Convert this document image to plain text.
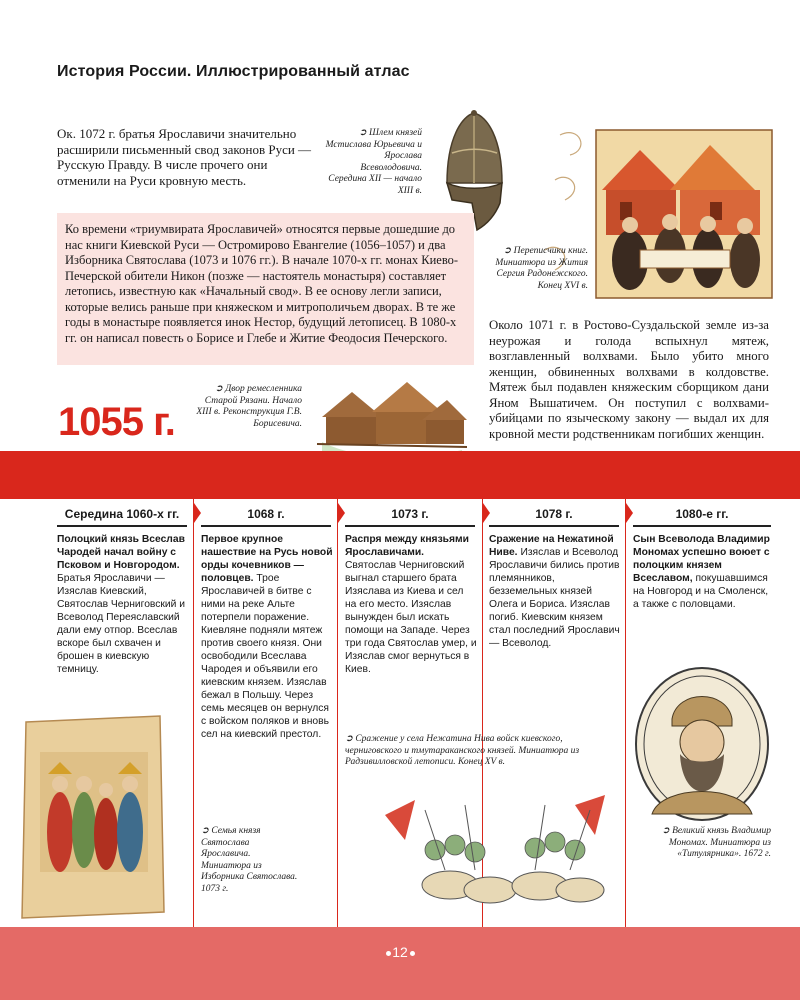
История России. Иллюстрированный атлас
Ок. 1072 г. братья Ярославичи значительно расширили письменный свод законов Руси — Русскую Правду. В числе прочего они отменили на Руси кровную месть.
➲ Шлем князей Мстислава Юрьевича и Ярослава Всеволодовича. Середина XII — начало XIII в.
➲ Переписчики книг. Миниатюра из Жития Сергия Радонежского. Конец XVI в.
Ко времени «триумвирата Ярославичей» относятся первые дошедшие до нас книги Киевской Руси — Остромирово Евангелие (1056–1057) и два Изборника Святослава (1073 и 1076 гг.). В начале 1070-х гг. монах Киево-Печерской обители Никон (позже — настоятель монастыря) составляет летопись, известную как «Начальный свод». В ее основу легли записи, которые велись раньше при княжеском и митрополичьем дворах. В те же годы в монастыре появляется инок Нестор, будущий летописец. В 1080-х гг. он написал повесть о Борисе и Глебе и Житие Феодосия Печерского.
Около 1071 г. в Ростово-Суздальской земле из-за неурожая и голода вспыхнул мятеж, возглавленный волхвами. Было убито много женщин, обвиненных волхвами в колдовстве. Мятеж был подавлен княжеским сборщиком дани Яном Вышатичем. Он поступил с волхвами-убийцами по языческому закону — выдал их для кровной мести родственникам погибших женщин.
1055 г.
➲ Двор ремесленника Старой Рязани. Начало XIII в. Реконструкция Г.В. Борисевича.
Середина 1060-х гг.	1068 г.	1073 г.	1078 г.	1080-е гг.
Полоцкий князь Всеслав Чародей начал войну с Псковом и Новгородом. Братья Ярославичи — Изяслав Киевский, Святослав Черниговский и Всеволод Переяславский дали ему отпор. Всеслав вскоре был схвачен и брошен в киевскую темницу.
Первое крупное нашествие на Русь новой орды кочевников — половцев. Трое Ярославичей в битве с ними на реке Альте потерпели поражение. Киевляне подняли мятеж против своего князя. Они освободили Всеслава Чародея и объявили его киевским князем. Изяслав бежал в Польшу. Через семь месяцев он вернулся с войском поляков и вновь сел на киевский престол.
Распря между князьями Ярославичами. Святослав Черниговский выгнал старшего брата Изяслава из Киева и сел на его место. Изяслав вынужден был искать помощи на Западе. Через три года Святослав умер, и Изяслав смог вернуться в Киев.
Сражение на Нежатиной Ниве. Изяслав и Всеволод Ярославичи бились против племянников, безземельных князей Олега и Бориса. Изяслав погиб. Киевским князем стал последний Ярославич — Всеволод.
Сын Всеволода Владимир Мономах успешно воюет с полоцким князем Всеславом, покушавшимся на Новгород и на Смоленск, а также с половцами.
➲ Семья князя Святослава Ярославича. Миниатюра из Изборника Святослава. 1073 г.
➲ Сражение у села Нежатина Нива войск киевского, черниговского и тмутараканского князей. Миниатюра из Радзивилловской летописи. Конец XV в.
➲ Великий князь Владимир Мономах. Миниатюра из «Титулярника». 1672 г.
12
